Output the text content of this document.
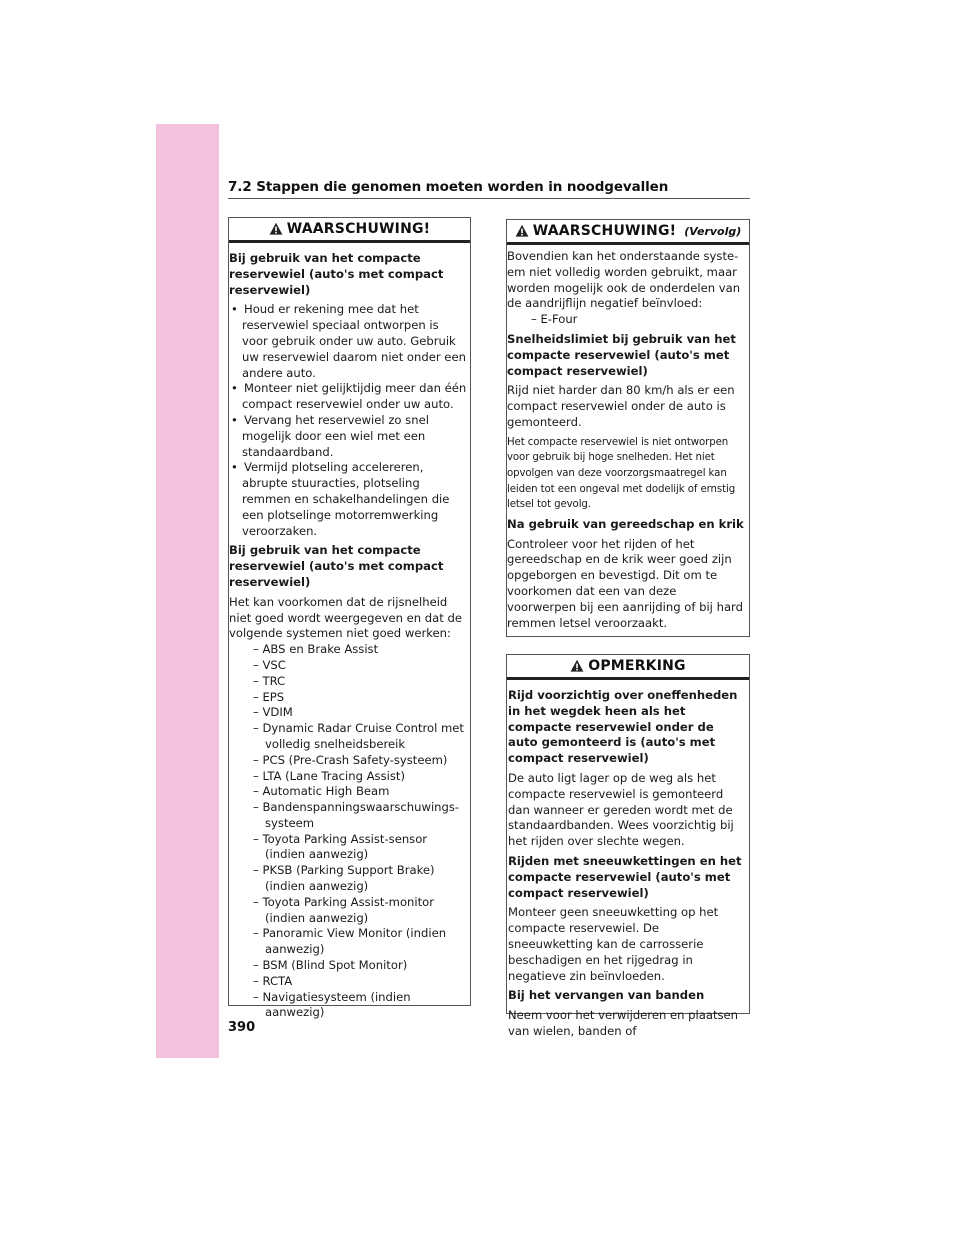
7.2 Stappen die genomen moeten worden in noodgevallen
WAARSCHUWING!

Bij gebruik van het compacte reservewiel (auto's met compact reservewiel)

• Houd er rekening mee dat het reservewiel speciaal ontworpen is voor gebruik onder uw auto. Gebruik uw reservewiel daarom niet onder een andere auto.
• Monteer niet gelijktijdig meer dan één compact reservewiel onder uw auto.
• Vervang het reservewiel zo snel mogelijk door een wiel met een standaardband.
• Vermijd plotseling accelereren, abrupte stuuracties, plotseling remmen en schakelhandelingen die een plotselinge motorremwerking veroorzaken.

Bij gebruik van het compacte reservewiel (auto's met compact reservewiel)

Het kan voorkomen dat de rijsnelheid niet goed wordt weergegeven en dat de volgende systemen niet goed werken:

– ABS en Brake Assist
– VSC
– TRC
– EPS
– VDIM
– Dynamic Radar Cruise Control met volledig snelheidsbereik
– PCS (Pre-Crash Safety-systeem)
– LTA (Lane Tracing Assist)
– Automatic High Beam
– Bandenspanningswaarschuwings-systeem
– Toyota Parking Assist-sensor (indien aanwezig)
– PKSB (Parking Support Brake) (indien aanwezig)
– Toyota Parking Assist-monitor (indien aanwezig)
– Panoramic View Monitor (indien aanwezig)
– BSM (Blind Spot Monitor)
– RCTA
– Navigatiesysteem (indien aanwezig)
WAARSCHUWING! (Vervolg)

Bovendien kan het onderstaande syste-em niet volledig worden gebruikt, maar worden mogelijk ook de onderdelen van de aandrijflijn negatief beïnvloed:

– E-Four

Snelheidslimiet bij gebruik van het compacte reservewiel (auto's met compact reservewiel)

Rijd niet harder dan 80 km/h als er een compact reservewiel onder de auto is gemonteerd.

Het compacte reservewiel is niet ontworpen voor gebruik bij hoge snelheden. Het niet opvolgen van deze voorzorgsmaatregel kan leiden tot een ongeval met dodelijk of ernstig letsel tot gevolg.

Na gebruik van gereedschap en krik

Controleer voor het rijden of het gereedschap en de krik weer goed zijn opgeborgen en bevestigd. Dit om te voorkomen dat een van deze voorwerpen bij een aanrijding of bij hard remmen letsel veroorzaakt.

OPMERKING

Rijd voorzichtig over oneffenheden in het wegdek heen als het compacte reservewiel onder de auto gemonteerd is (auto's met compact reservewiel)

De auto ligt lager op de weg als het compacte reservewiel is gemonteerd dan wanneer er gereden wordt met de standaardbanden. Wees voorzichtig bij het rijden over slechte wegen.

Rijden met sneeuwkettingen en het compacte reservewiel (auto's met compact reservewiel)

Monteer geen sneeuwketting op het compacte reservewiel. De sneeuwketting kan de carrosserie beschadigen en het rijgedrag in negatieve zin beïnvloeden.

Bij het vervangen van banden

Neem voor het verwijderen en plaatsen van wielen, banden of

390
